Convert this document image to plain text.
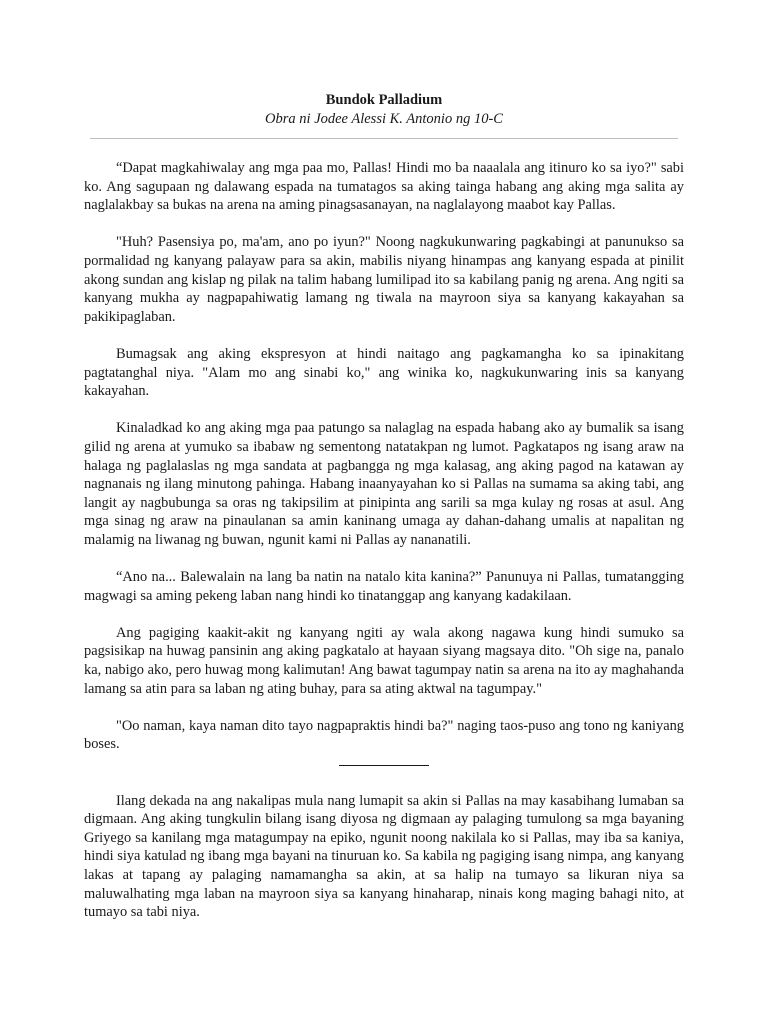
Bundok Palladium
Obra ni Jodee Alessi K. Antonio ng 10-C

“Dapat magkahiwalay ang mga paa mo, Pallas! Hindi mo ba naaalala ang itinuro ko sa iyo?" sabi ko. Ang sagupaan ng dalawang espada na tumatagos sa aking tainga habang ang aking mga salita ay naglalakbay sa bukas na arena na aming pinagsasanayan, na naglalayong maabot kay Pallas.

"Huh? Pasensiya po, ma'am, ano po iyun?" Noong nagkukunwaring pagkabingi at panunukso sa pormalidad ng kanyang palayaw para sa akin, mabilis niyang hinampas ang kanyang espada at pinilit akong sundan ang kislap ng pilak na talim habang lumilipad ito sa kabilang panig ng arena. Ang ngiti sa kanyang mukha ay nagpapahiwatig lamang ng tiwala na mayroon siya sa kanyang kakayahan sa pakikipaglaban.

Bumagsak ang aking ekspresyon at hindi naitago ang pagkamangha ko sa ipinakitang pagtatanghal niya. "Alam mo ang sinabi ko," ang winika ko, nagkukunwaring inis sa kanyang kakayahan.

Kinaladkad ko ang aking mga paa patungo sa nalaglag na espada habang ako ay bumalik sa isang gilid ng arena at yumuko sa ibabaw ng sementong natatakpan ng lumot. Pagkatapos ng isang araw na halaga ng paglalaslas ng mga sandata at pagbangga ng mga kalasag, ang aking pagod na katawan ay nagnanais ng ilang minutong pahinga. Habang inaanyayahan ko si Pallas na sumama sa aking tabi, ang langit ay nagbubunga sa oras ng takipsilim at pinipinta ang sarili sa mga kulay ng rosas at asul. Ang mga sinag ng araw na pinaulanan sa amin kaninang umaga ay dahan-dahang umalis at napalitan ng malamig na liwanag ng buwan, ngunit kami ni Pallas ay nananatili.

“Ano na... Balewalain na lang ba natin na natalo kita kanina?” Panunuya ni Pallas, tumatangging magwagi sa aming pekeng laban nang hindi ko tinatanggap ang kanyang kadakilaan.

Ang pagiging kaakit-akit ng kanyang ngiti ay wala akong nagawa kung hindi sumuko sa pagsisikap na huwag pansinin ang aking pagkatalo at hayaan siyang magsaya dito. "Oh sige na, panalo ka, nabigo ako, pero huwag mong kalimutan! Ang bawat tagumpay natin sa arena na ito ay maghahanda lamang sa atin para sa laban ng ating buhay, para sa ating aktwal na tagumpay."

"Oo naman, kaya naman dito tayo nagpapraktis hindi ba?" naging taos-puso ang tono ng kaniyang boses.

Ilang dekada na ang nakalipas mula nang lumapit sa akin si Pallas na may kasabihang lumaban sa digmaan. Ang aking tungkulin bilang isang diyosa ng digmaan ay palaging tumulong sa mga bayaning Griyego sa kanilang mga matagumpay na epiko, ngunit noong nakilala ko si Pallas, may iba sa kaniya, hindi siya katulad ng ibang mga bayani na tinuruan ko. Sa kabila ng pagiging isang nimpa, ang kanyang lakas at tapang ay palaging namamangha sa akin, at sa halip na tumayo sa likuran niya sa maluwalhating mga laban na mayroon siya sa kanyang hinaharap, ninais kong maging bahagi nito, at tumayo sa tabi niya.
